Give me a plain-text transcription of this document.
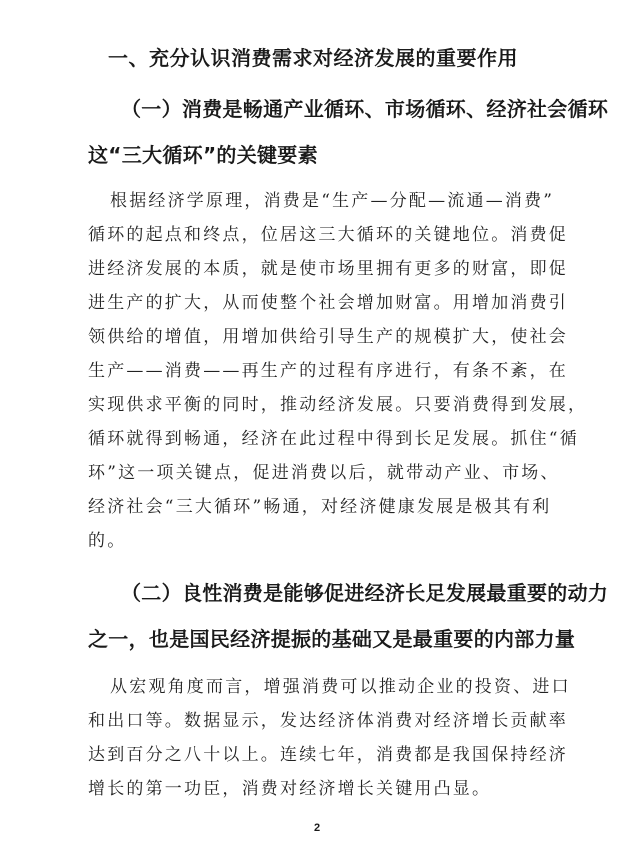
一、充分认识消费需求对经济发展的重要作用
（一）消费是畅通产业循环、市场循环、经济社会循环
这“三大循环”的关键要素
根据经济学原理，消费是“生产—分配—流通—消费”
循环的起点和终点，位居这三大循环的关键地位。消费促
进经济发展的本质，就是使市场里拥有更多的财富，即促
进生产的扩大，从而使整个社会增加财富。用增加消费引
领供给的增值，用增加供给引导生产的规模扩大，使社会
生产——消费——再生产的过程有序进行，有条不紊，在
实现供求平衡的同时，推动经济发展。只要消费得到发展，
循环就得到畅通，经济在此过程中得到长足发展。抓住“循
环”这一项关键点，促进消费以后，就带动产业、市场、
经济社会“三大循环”畅通，对经济健康发展是极其有利
的。
（二）良性消费是能够促进经济长足发展最重要的动力
之一，也是国民经济提振的基础又是最重要的内部力量
从宏观角度而言，增强消费可以推动企业的投资、进口
和出口等。数据显示，发达经济体消费对经济增长贡献率
达到百分之八十以上。连续七年，消费都是我国保持经济
增长的第一功臣，消费对经济增长关键用凸显。
2
